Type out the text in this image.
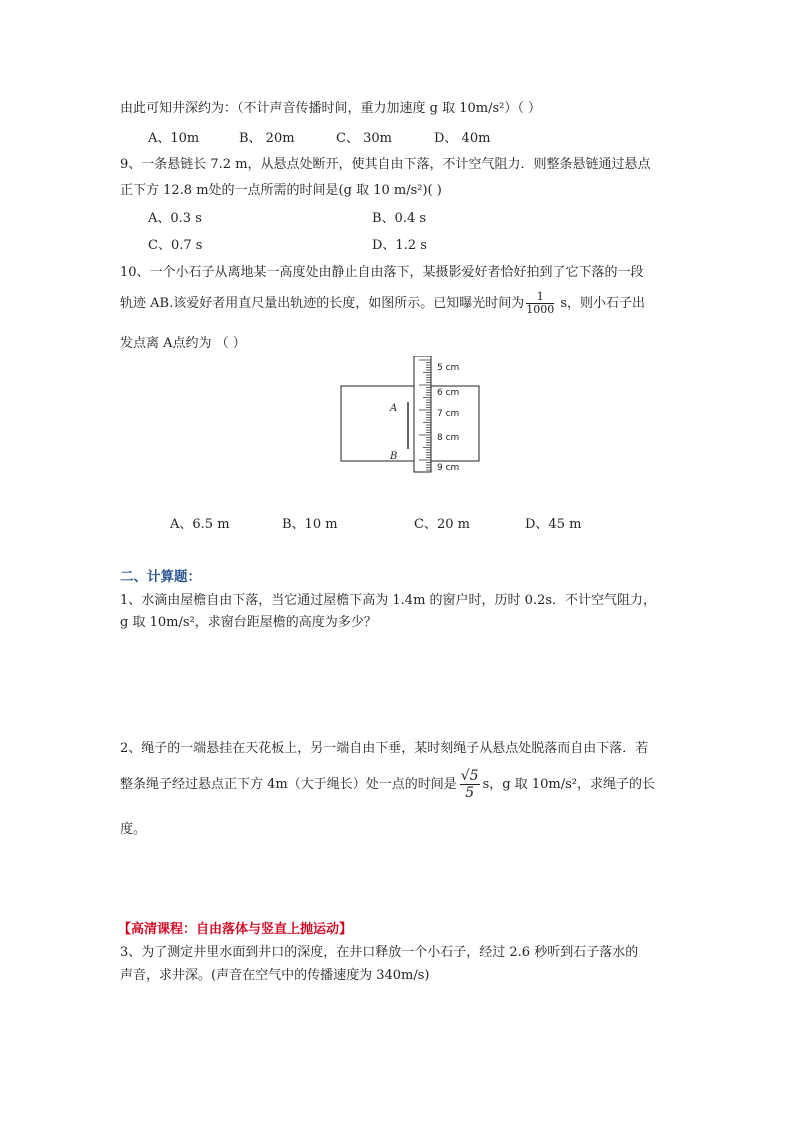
由此可知井深约为：（不计声音传播时间，重力加速度 g 取 10m/s²）（ ）
A、10m	B、 20m	C、 30m	D、 40m
9、一条悬链长 7.2 m，从悬点处断开，使其自由下落，不计空气阻力．则整条悬链通过悬点
正下方 12.8 m处的一点所需的时间是(g 取 10 m/s²)( )
A、0.3 s	B、0.4 s
C、0.7 s	D、1.2 s
10、一个小石子从离地某一高度处由静止自由落下，某摄影爱好者恰好拍到了它下落的一段
轨迹 AB.该爱好者用直尺量出轨迹的长度，如图所示。已知曝光时间为 $\frac{1}{1000}$ s，则小石子出
发点离 A点约为 （ ）
5 cm
6 cm
7 cm
8 cm
9 cm
A
B
A、6.5 m	B、10 m	C、20 m	D、45 m
二、计算题：
1、水滴由屋檐自由下落，当它通过屋檐下高为 1.4m 的窗户时，历时 0.2s．不计空气阻力，
g 取 10m/s²，求窗台距屋檐的高度为多少？
2、绳子的一端悬挂在天花板上，另一端自由下垂，某时刻绳子从悬点处脱落而自由下落．若
整条绳子经过悬点正下方 4m（大于绳长）处一点的时间是 $\frac{√5}{5}$ s，g 取 10m/s²，求绳子的长
度。
【高清课程：自由落体与竖直上抛运动】
3、为了测定井里水面到井口的深度，在井口释放一个小石子，经过 2.6 秒听到石子落水的
声音，求井深。(声音在空气中的传播速度为 340m/s)
